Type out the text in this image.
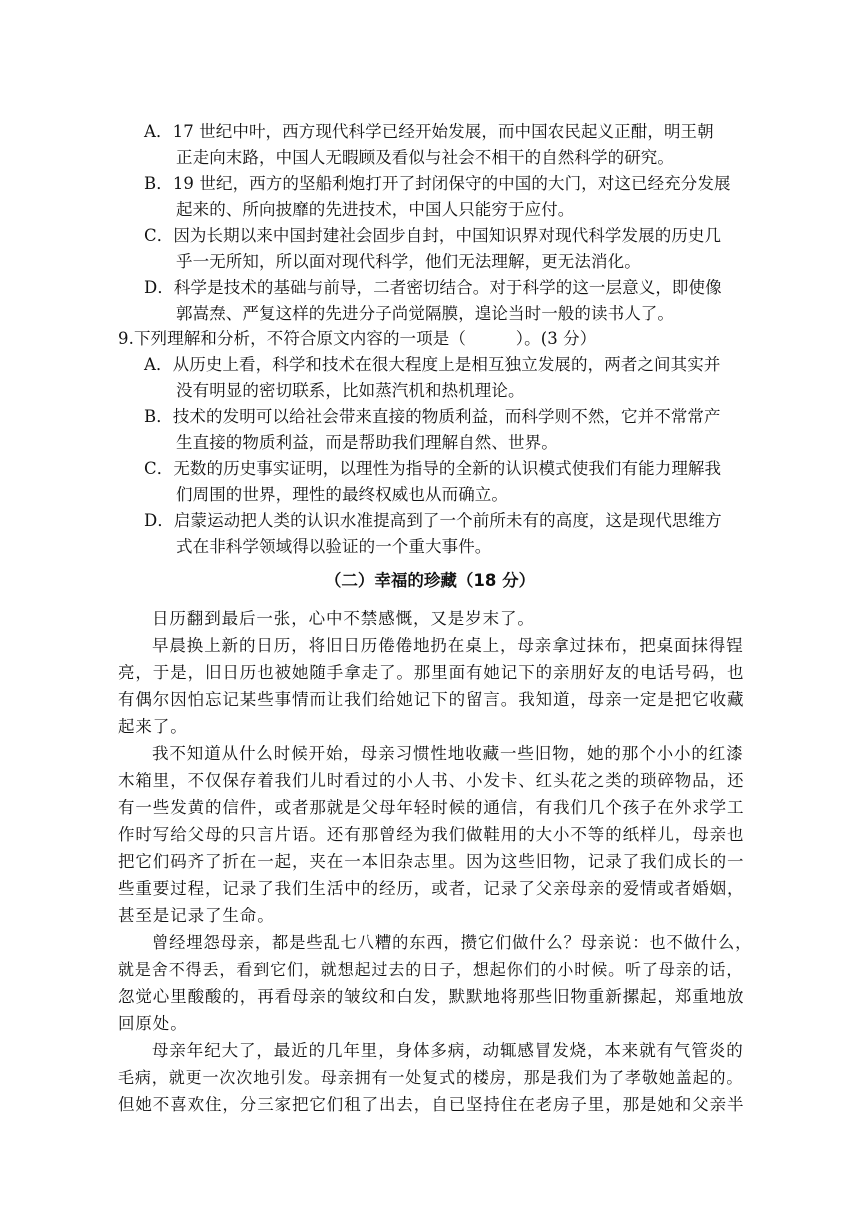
A．17 世纪中叶，西方现代科学已经开始发展，而中国农民起义正酣，明王朝
正走向末路，中国人无暇顾及看似与社会不相干的自然科学的研究。
B．19 世纪，西方的坚船利炮打开了封闭保守的中国的大门，对这已经充分发展
起来的、所向披靡的先进技术，中国人只能穷于应付。
C．因为长期以来中国封建社会固步自封，中国知识界对现代科学发展的历史几
乎一无所知，所以面对现代科学，他们无法理解，更无法消化。
D．科学是技术的基础与前导，二者密切结合。对于科学的这一层意义，即使像
郭嵩焘、严复这样的先进分子尚觉隔膜，遑论当时一般的读书人了。
9.下列理解和分析，不符合原文内容的一项是（　　　）。(3 分）
A．从历史上看，科学和技术在很大程度上是相互独立发展的，两者之间其实并
没有明显的密切联系，比如蒸汽机和热机理论。
B．技术的发明可以给社会带来直接的物质利益，而科学则不然，它并不常常产
生直接的物质利益，而是帮助我们理解自然、世界。
C．无数的历史事实证明，以理性为指导的全新的认识模式使我们有能力理解我
们周围的世界，理性的最终权威也从而确立。
D．启蒙运动把人类的认识水准提高到了一个前所未有的高度，这是现代思维方
式在非科学领域得以验证的一个重大事件。
（二）幸福的珍藏（18 分）
日历翻到最后一张，心中不禁感慨，又是岁末了。
早晨换上新的日历，将旧日历倦倦地扔在桌上，母亲拿过抹布，把桌面抹得锃
亮，于是，旧日历也被她随手拿走了。那里面有她记下的亲朋好友的电话号码，也
有偶尔因怕忘记某些事情而让我们给她记下的留言。我知道，母亲一定是把它收藏
起来了。
我不知道从什么时候开始，母亲习惯性地收藏一些旧物，她的那个小小的红漆
木箱里，不仅保存着我们儿时看过的小人书、小发卡、红头花之类的琐碎物品，还
有一些发黄的信件，或者那就是父母年轻时候的通信，有我们几个孩子在外求学工
作时写给父母的只言片语。还有那曾经为我们做鞋用的大小不等的纸样儿，母亲也
把它们码齐了折在一起，夹在一本旧杂志里。因为这些旧物，记录了我们成长的一
些重要过程，记录了我们生活中的经历，或者，记录了父亲母亲的爱情或者婚姻，
甚至是记录了生命。
曾经埋怨母亲，都是些乱七八糟的东西，攒它们做什么？母亲说：也不做什么，
就是舍不得丢，看到它们，就想起过去的日子，想起你们的小时候。听了母亲的话，
忽觉心里酸酸的，再看母亲的皱纹和白发，默默地将那些旧物重新摞起，郑重地放
回原处。
母亲年纪大了，最近的几年里，身体多病，动辄感冒发烧，本来就有气管炎的
毛病，就更一次次地引发。母亲拥有一处复式的楼房，那是我们为了孝敬她盖起的。
但她不喜欢住，分三家把它们租了出去，自已坚持住在老房子里，那是她和父亲半
